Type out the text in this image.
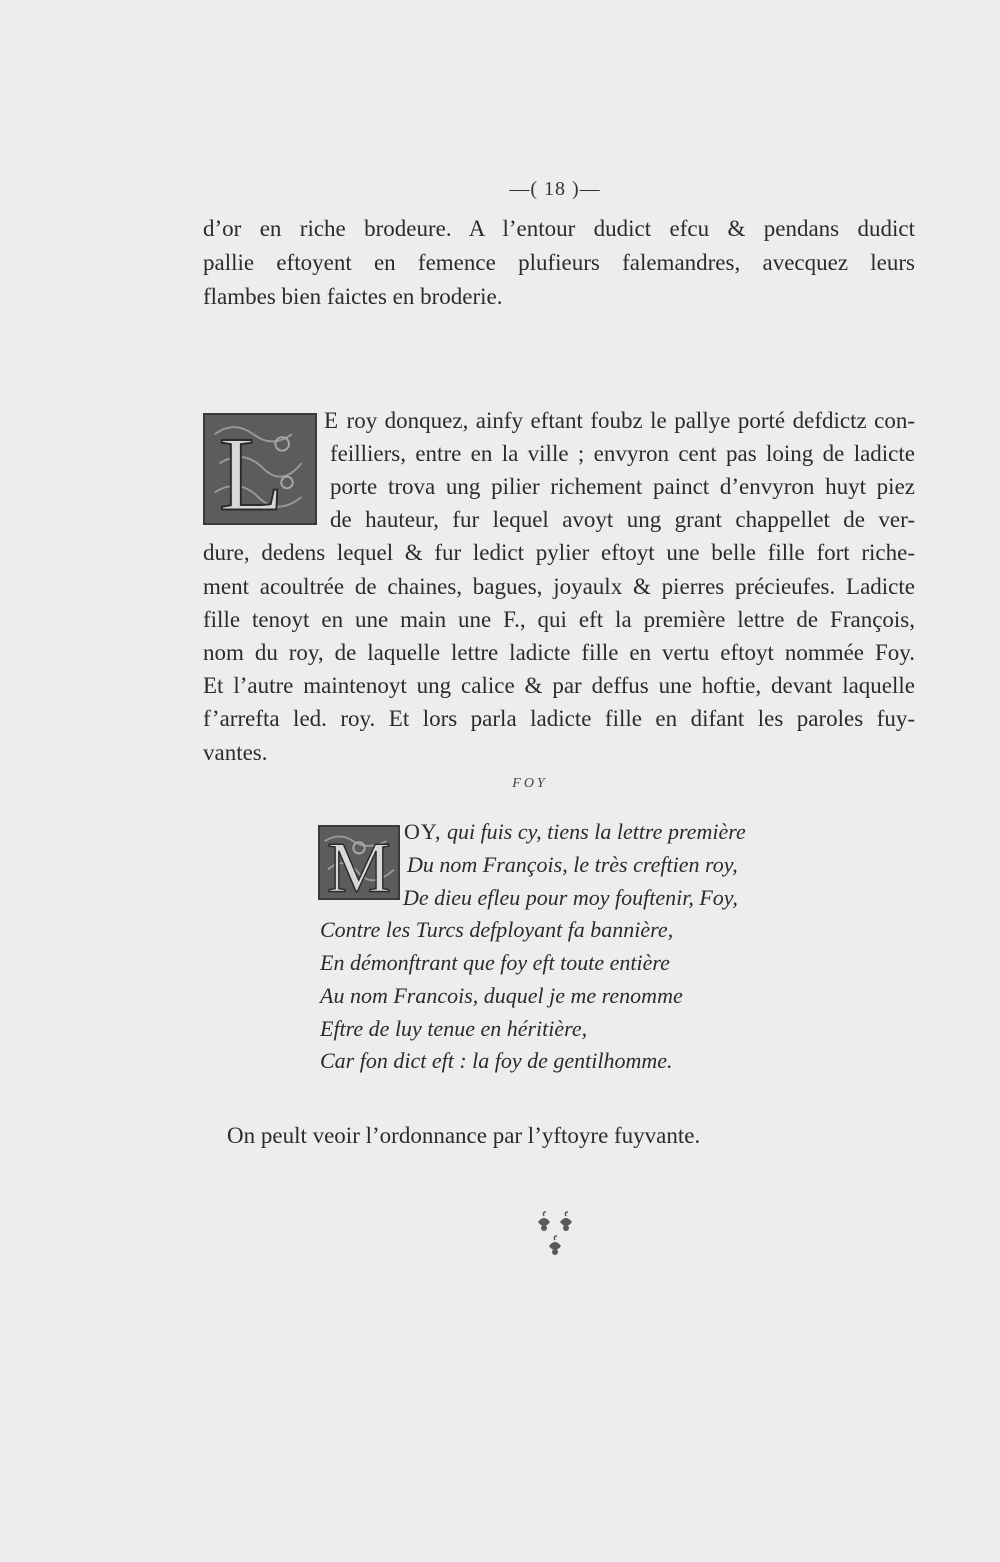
—( 18 )—
d’or en riche brodeure. A l’entour dudict efcu & pendans dudict
pallie eftoyent en femence plufieurs falemandres, avecquez leurs
flambes bien faictes en broderie.
L E roy donquez, ainfy eftant foubz le pallye porté defdictz con-
feilliers, entre en la ville ; envyron cent pas loing de ladicte
porte trova ung pilier richement painct d’envyron huyt piez
de hauteur, fur lequel avoyt ung grant chappellet de ver-
dure, dedens lequel & fur ledict pylier eftoyt une belle fille fort riche-
ment acoultrée de chaines, bagues, joyaulx & pierres précieufes. Ladicte
fille tenoyt en une main une F., qui eft la première lettre de François,
nom du roy, de laquelle lettre ladicte fille en vertu eftoyt nommée Foy.
Et l’autre maintenoyt ung calice & par deffus une hoftie, devant laquelle
f’arrefta led. roy. Et lors parla ladicte fille en difant les paroles fuy-
vantes.
FOY
M OY, qui fuis cy, tiens la lettre première
Du nom François, le très creftien roy,
De dieu efleu pour moy fouftenir, Foy,
Contre les Turcs defployant fa bannière,
En démonftrant que foy eft toute entière
Au nom Francois, duquel je me renomme
Eftre de luy tenue en héritière,
Car fon dict eft : la foy de gentilhomme.
On peult veoir l’ordonnance par l’yftoyre fuyvante.
